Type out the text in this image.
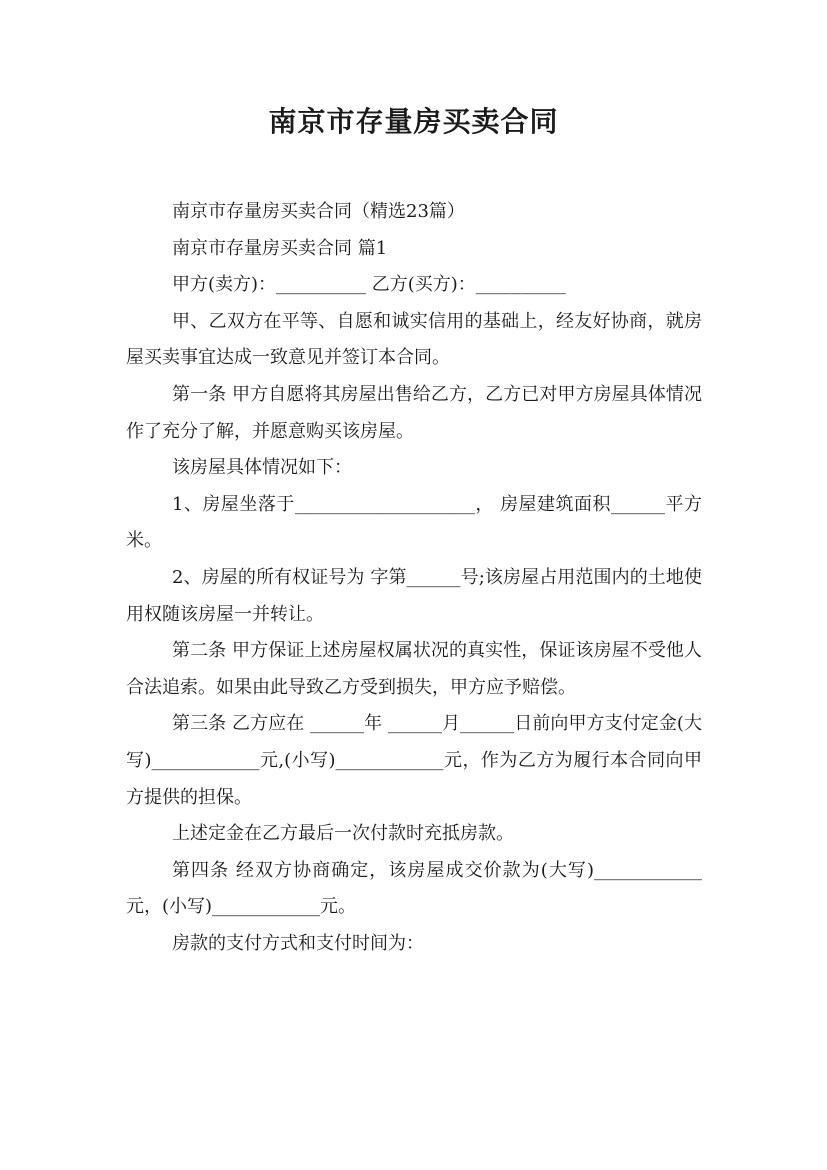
南京市存量房买卖合同

南京市存量房买卖合同（精选23篇）

南京市存量房买卖合同 篇1

甲方(卖方)：__________ 乙方(买方)：__________

甲、乙双方在平等、自愿和诚实信用的基础上，经友好协商，就房屋买卖事宜达成一致意见并签订本合同。

第一条 甲方自愿将其房屋出售给乙方，乙方已对甲方房屋具体情况作了充分了解，并愿意购买该房屋。

该房屋具体情况如下：

1、房屋坐落于____________________， 房屋建筑面积______平方米。

2、房屋的所有权证号为 字第______号;该房屋占用范围内的土地使用权随该房屋一并转让。

第二条 甲方保证上述房屋权属状况的真实性，保证该房屋不受他人合法追索。如果由此导致乙方受到损失，甲方应予赔偿。

第三条 乙方应在 ______年 ______月______日前向甲方支付定金(大写)____________元,(小写)____________元，作为乙方为履行本合同向甲方提供的担保。

上述定金在乙方最后一次付款时充抵房款。

第四条 经双方协商确定，该房屋成交价款为(大写)____________元，(小写)____________元。

房款的支付方式和支付时间为：
